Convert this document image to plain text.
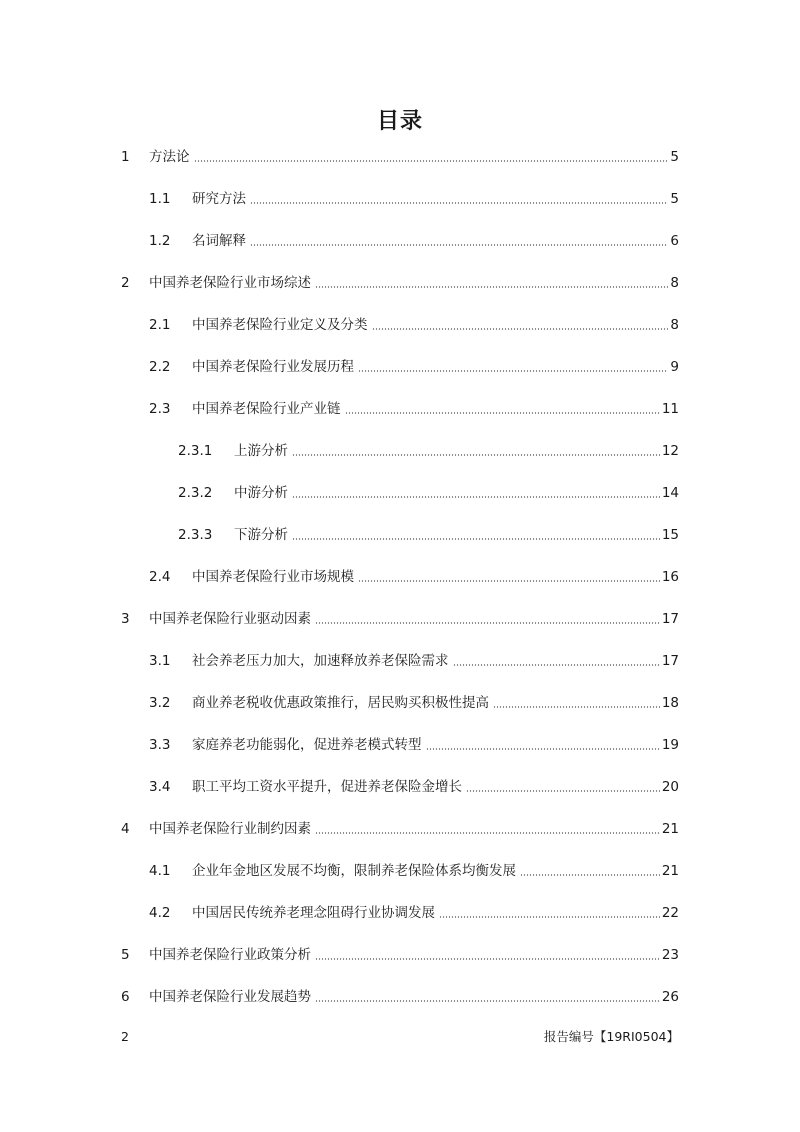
目录
1 方法论	5
1.1 研究方法	5
1.2 名词解释	6
2 中国养老保险行业市场综述	8
2.1 中国养老保险行业定义及分类	8
2.2 中国养老保险行业发展历程	9
2.3 中国养老保险行业产业链	11
2.3.1 上游分析	12
2.3.2 中游分析	14
2.3.3 下游分析	15
2.4 中国养老保险行业市场规模	16
3 中国养老保险行业驱动因素	17
3.1 社会养老压力加大，加速释放养老保险需求	17
3.2 商业养老税收优惠政策推行，居民购买积极性提高	18
3.3 家庭养老功能弱化，促进养老模式转型	19
3.4 职工平均工资水平提升，促进养老保险金增长	20
4 中国养老保险行业制约因素	21
4.1 企业年金地区发展不均衡，限制养老保险体系均衡发展	21
4.2 中国居民传统养老理念阻碍行业协调发展	22
5 中国养老保险行业政策分析	23
6 中国养老保险行业发展趋势	26
2	报告编号【19RI0504】
